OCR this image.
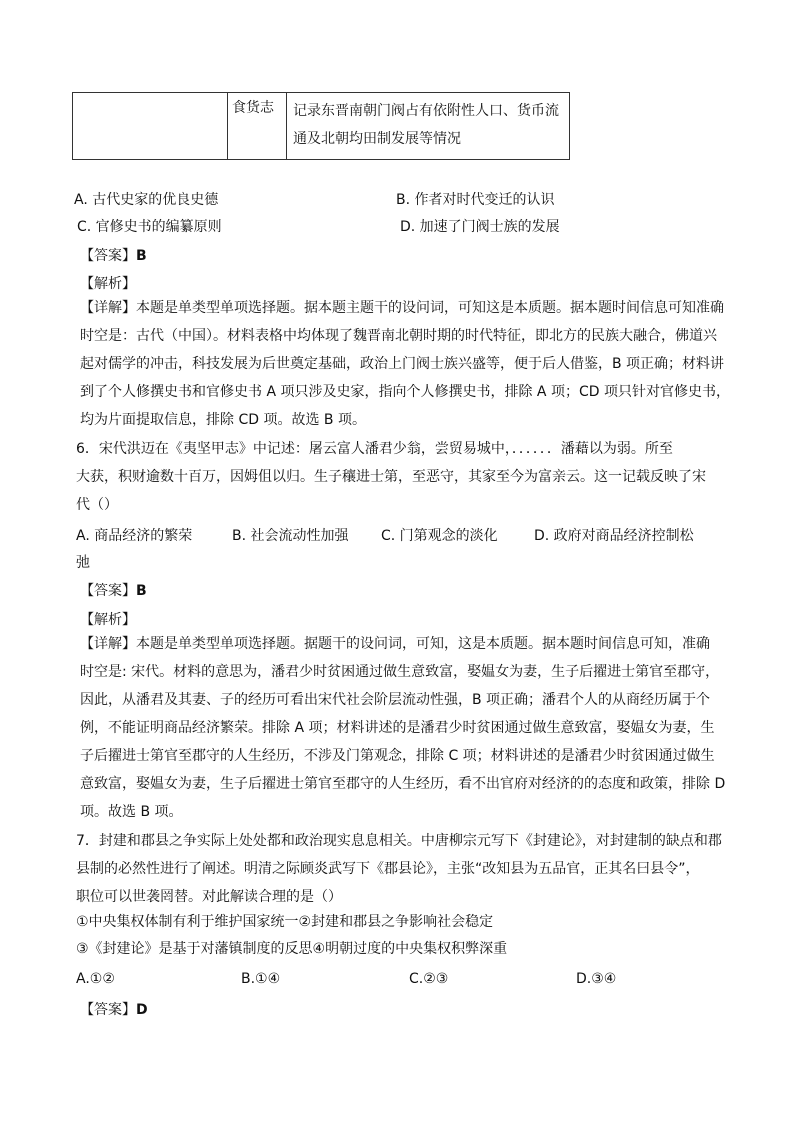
	食货志	记录东晋南朝门阀占有依附性人口、货币流通及北朝均田制发展等情况
A. 古代史家的优良史德	B. 作者对时代变迁的认识
C. 官修史书的编纂原则	D. 加速了门阀士族的发展
【答案】B
【解析】
【详解】本题是单类型单项选择题。据本题主题干的设问词，可知这是本质题。据本题时间信息可知准确
时空是：古代（中国）。材料表格中均体现了魏晋南北朝时期的时代特征，即北方的民族大融合，佛道兴
起对儒学的冲击，科技发展为后世奠定基础，政治上门阀士族兴盛等，便于后人借鉴，B 项正确；材料讲
到了个人修撰史书和官修史书 A 项只涉及史家，指向个人修撰史书，排除 A 项；CD 项只针对官修史书，
均为片面提取信息，排除 CD 项。故选 B 项。
6．宋代洪迈在《夷坚甲志》中记述：屠云富人潘君少翁，尝贸易城中，．．．．．．潘藉以为弱。所至
大获，积财逾数十百万，因姆伹以归。生子穰进士第，至恶守，其家至今为富亲云。这一记载反映了宋
代（）
A. 商品经济的繁荣	B. 社会流动性加强 C. 门第观念的淡化	D. 政府对商品经济控制松
弛
【答案】B
【解析】
【详解】本题是单类型单项选择题。据题干的设问词，可知，这是本质题。据本题时间信息可知，准确
时空是: 宋代。材料的意思为，潘君少时贫困通过做生意致富，娶媪女为妻，生子后擢进士第官至郡守，
因此，从潘君及其妻、子的经历可看出宋代社会阶层流动性强，B 项正确；潘君个人的从商经历属于个
例，不能证明商品经济繁荣。排除 A 项；材料讲述的是潘君少时贫困通过做生意致富，娶媪女为妻，生
子后擢进士第官至郡守的人生经历，不涉及门第观念，排除 C 项；材料讲述的是潘君少时贫困通过做生
意致富，娶媪女为妻，生子后擢进士第官至郡守的人生经历，看不出官府对经济的的态度和政策，排除 D
项。故选 B 项。
7．封建和郡县之争实际上处处都和政治现实息息相关。中唐柳宗元写下《封建论》，对封建制的缺点和郡
县制的必然性进行了阐述。明清之际顾炎武写下《郡县论》，主张“改知县为五品官，正其名曰县令”，
职位可以世袭罔替。对此解读合理的是（）
①中央集权体制有利于维护国家统一②封建和郡县之争影响社会稳定
③《封建论》是基于对藩镇制度的反思④明朝过度的中央集权积弊深重
A.①②	B.①④	C.②③	D.③④
【答案】D
